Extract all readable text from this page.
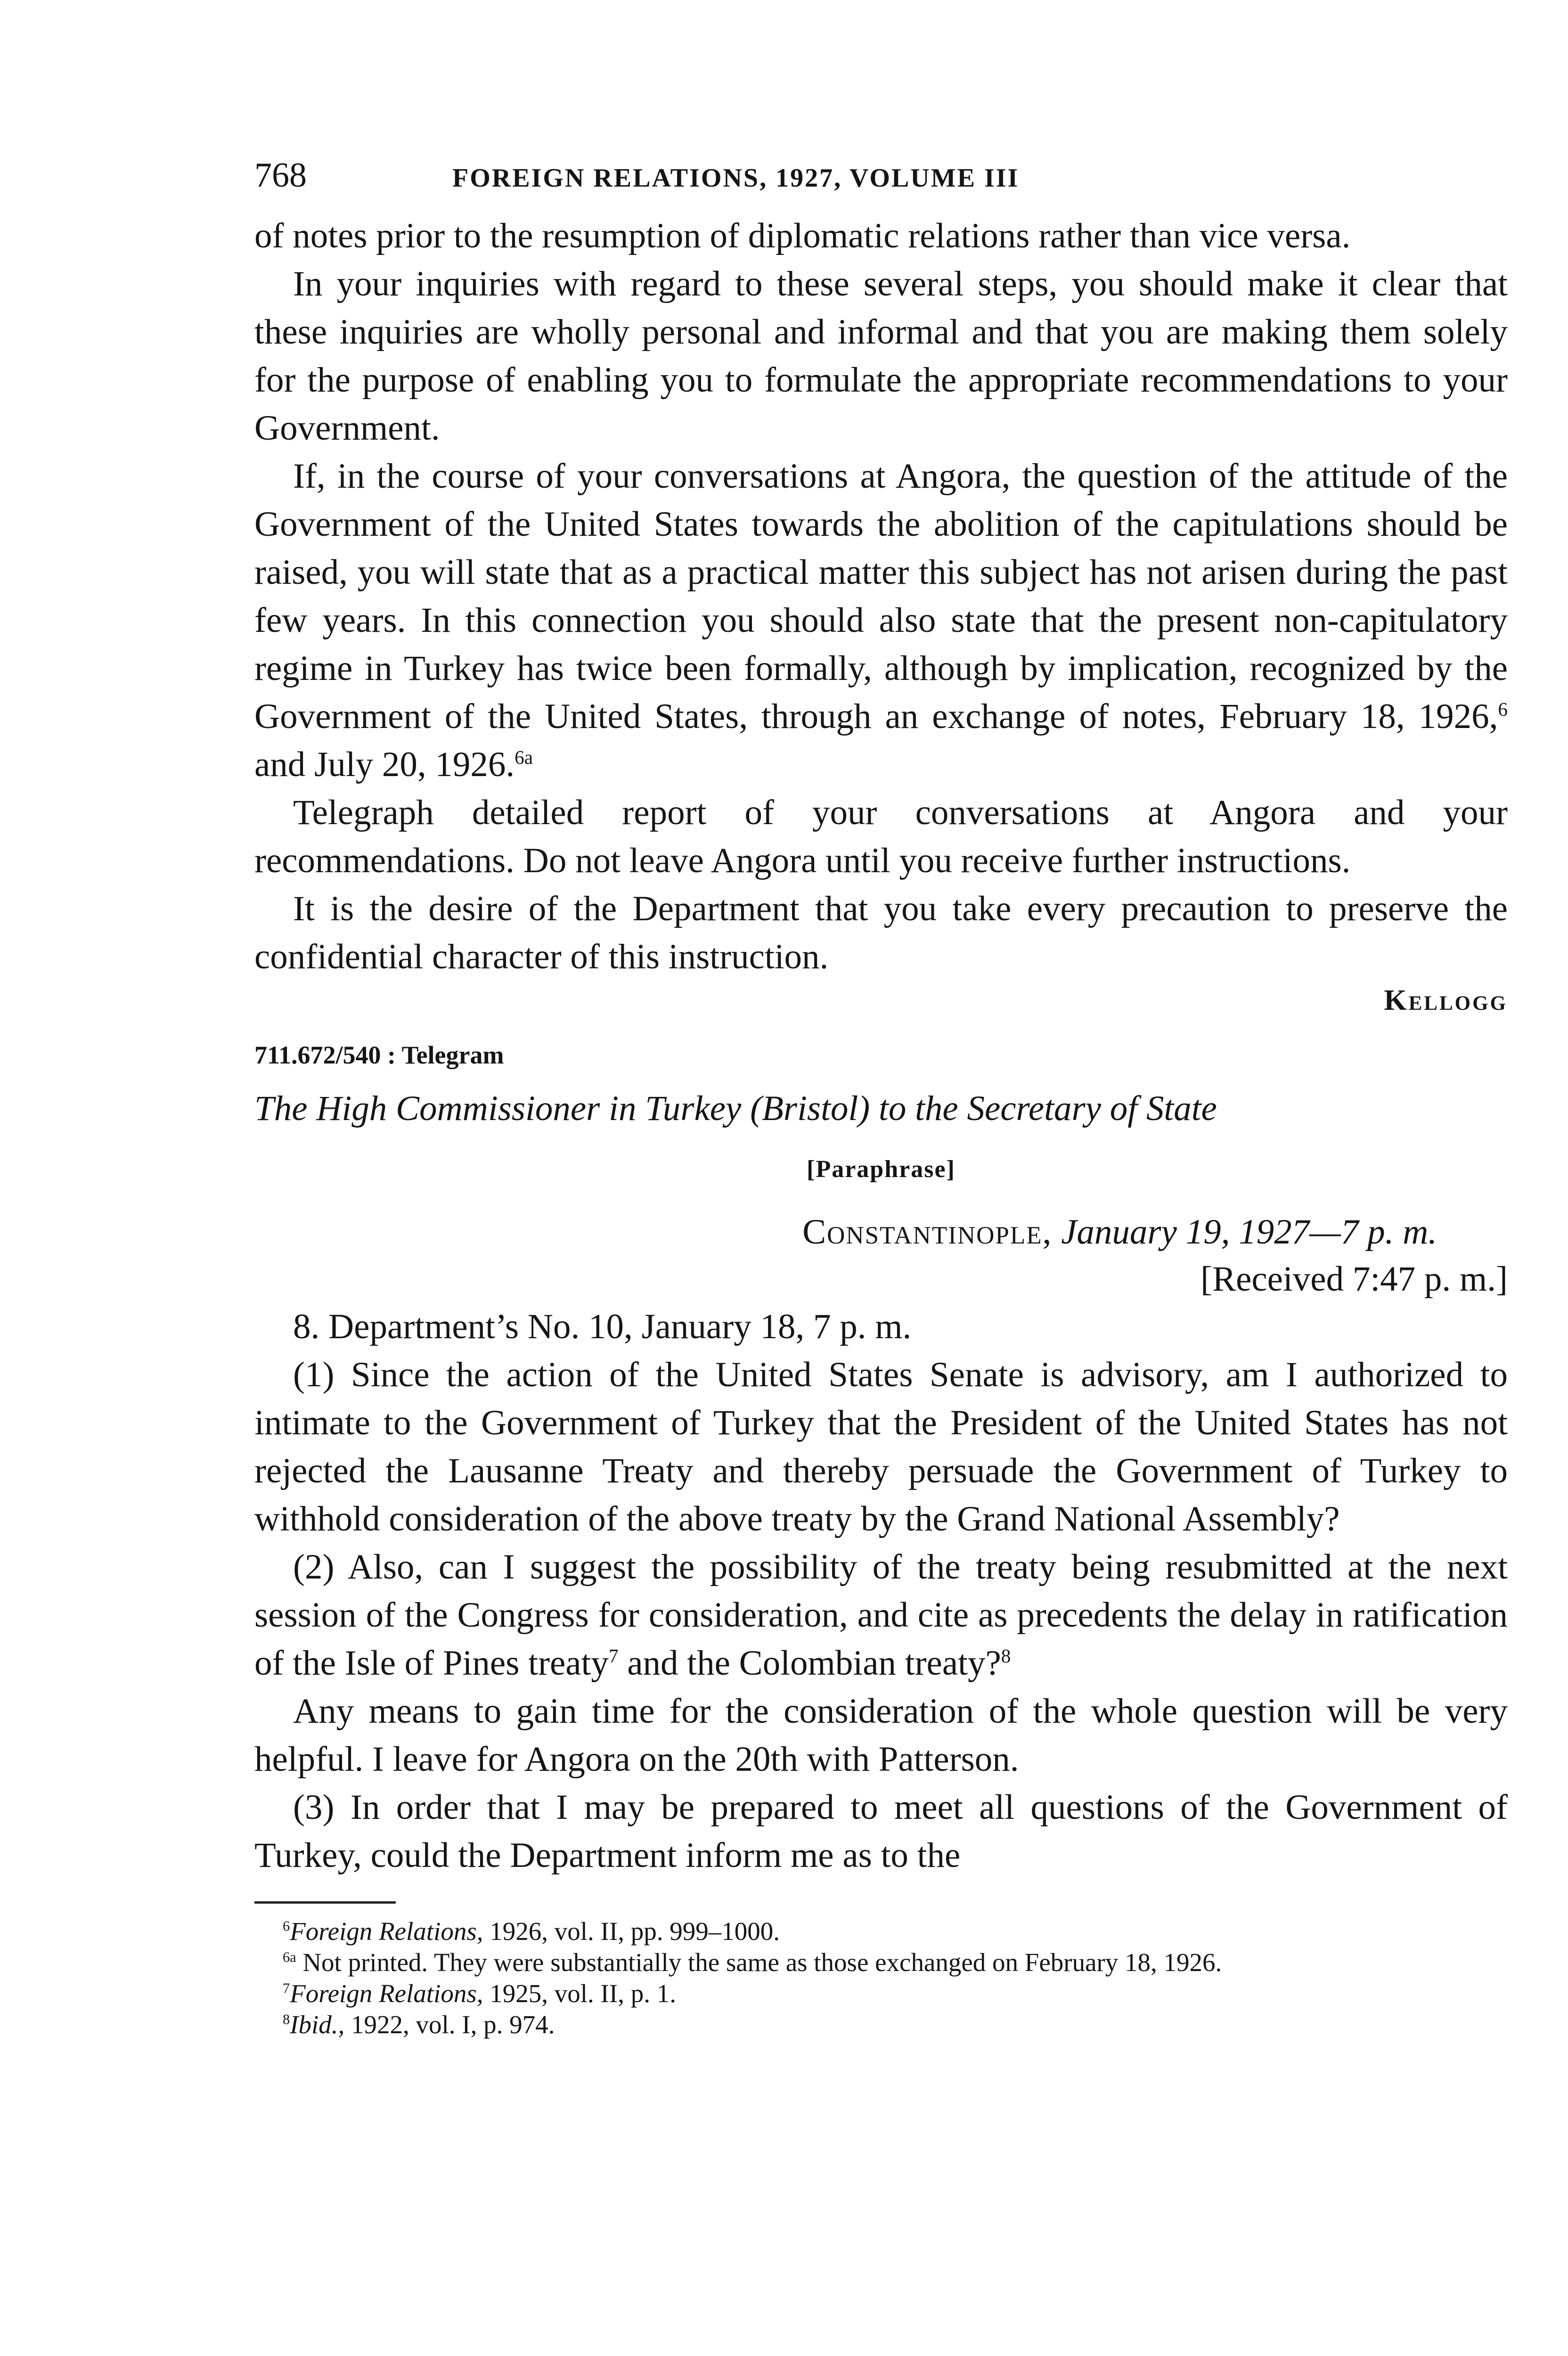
768	FOREIGN RELATIONS, 1927, VOLUME III

of notes prior to the resumption of diplomatic relations rather than vice versa.

In your inquiries with regard to these several steps, you should make it clear that these inquiries are wholly personal and informal and that you are making them solely for the purpose of enabling you to formulate the appropriate recommendations to your Government.

If, in the course of your conversations at Angora, the question of the attitude of the Government of the United States towards the abolition of the capitulations should be raised, you will state that as a practical matter this subject has not arisen during the past few years. In this connection you should also state that the present non-capitulatory regime in Turkey has twice been formally, although by implication, recognized by the Government of the United States, through an exchange of notes, February 18, 1926,$^6$ and July 20, 1926.$^{6a}$

Telegraph detailed report of your conversations at Angora and your recommendations. Do not leave Angora until you receive further instructions.

It is the desire of the Department that you take every precaution to preserve the confidential character of this instruction.

Kellogg
711.672/540 : Telegram
The High Commissioner in Turkey (Bristol) to the Secretary of State
[Paraphrase]
Constantinople, January 19, 1927—7 p. m.
[Received 7:47 p. m.]

8. Department’s No. 10, January 18, 7 p. m.

(1) Since the action of the United States Senate is advisory, am I authorized to intimate to the Government of Turkey that the President of the United States has not rejected the Lausanne Treaty and thereby persuade the Government of Turkey to withhold consideration of the above treaty by the Grand National Assembly?

(2) Also, can I suggest the possibility of the treaty being resubmitted at the next session of the Congress for consideration, and cite as precedents the delay in ratification of the Isle of Pines treaty$^7$ and the Colombian treaty?$^8$

Any means to gain time for the consideration of the whole question will be very helpful. I leave for Angora on the 20th with Patterson.

(3) In order that I may be prepared to meet all questions of the Government of Turkey, could the Department inform me as to the

$^6$Foreign Relations, 1926, vol. II, pp. 999–1000.
$^{6a}$ Not printed. They were substantially the same as those exchanged on February 18, 1926.
$^7$Foreign Relations, 1925, vol. II, p. 1.
$^8$Ibid., 1922, vol. I, p. 974.
